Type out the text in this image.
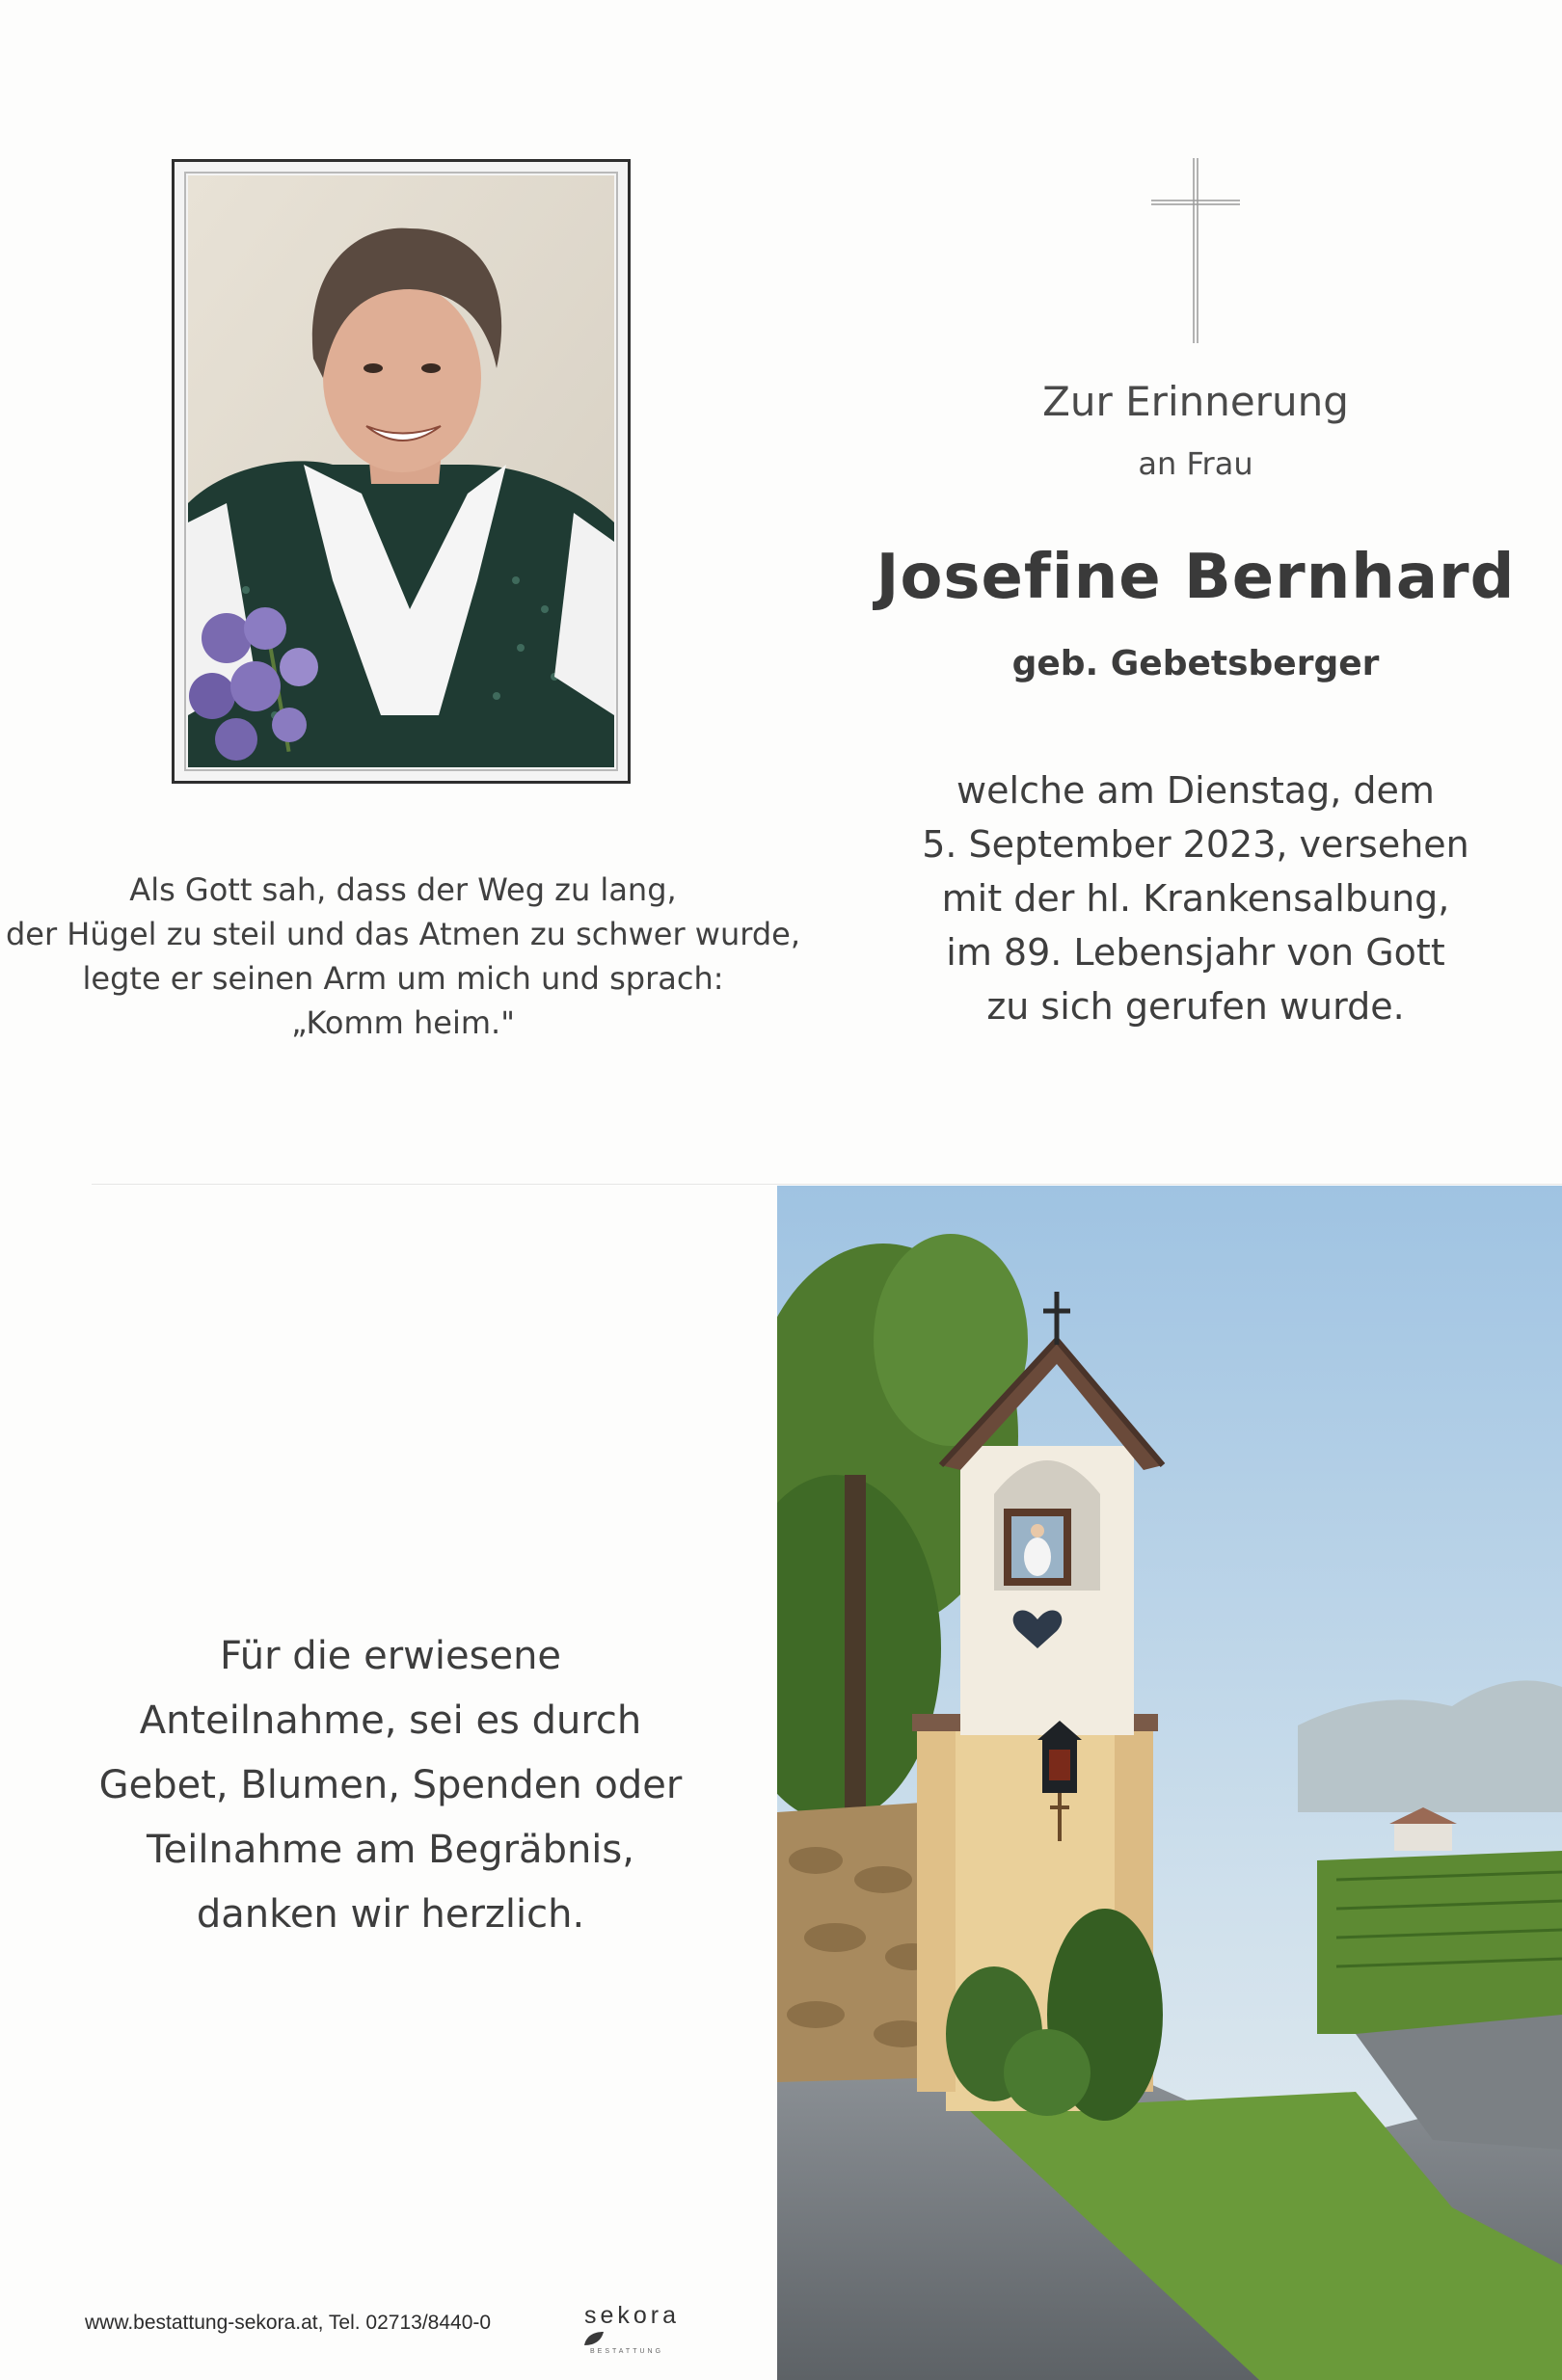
Als Gott sah, dass der Weg zu lang,
der Hügel zu steil und das Atmen zu schwer wurde,
legte er seinen Arm um mich und sprach:
„Komm heim."
Zur Erinnerung
an Frau
Josefine Bernhard
geb. Gebetsberger
welche am Dienstag, dem
5. September 2023, versehen
mit der hl. Krankensalbung,
im 89. Lebensjahr von Gott
zu sich gerufen wurde.
Für die erwiesene
Anteilnahme, sei es durch
Gebet, Blumen, Spenden oder
Teilnahme am Begräbnis,
danken wir herzlich.
www.bestattung-sekora.at, Tel. 02713/8440-0	sekora
BESTATTUNG
